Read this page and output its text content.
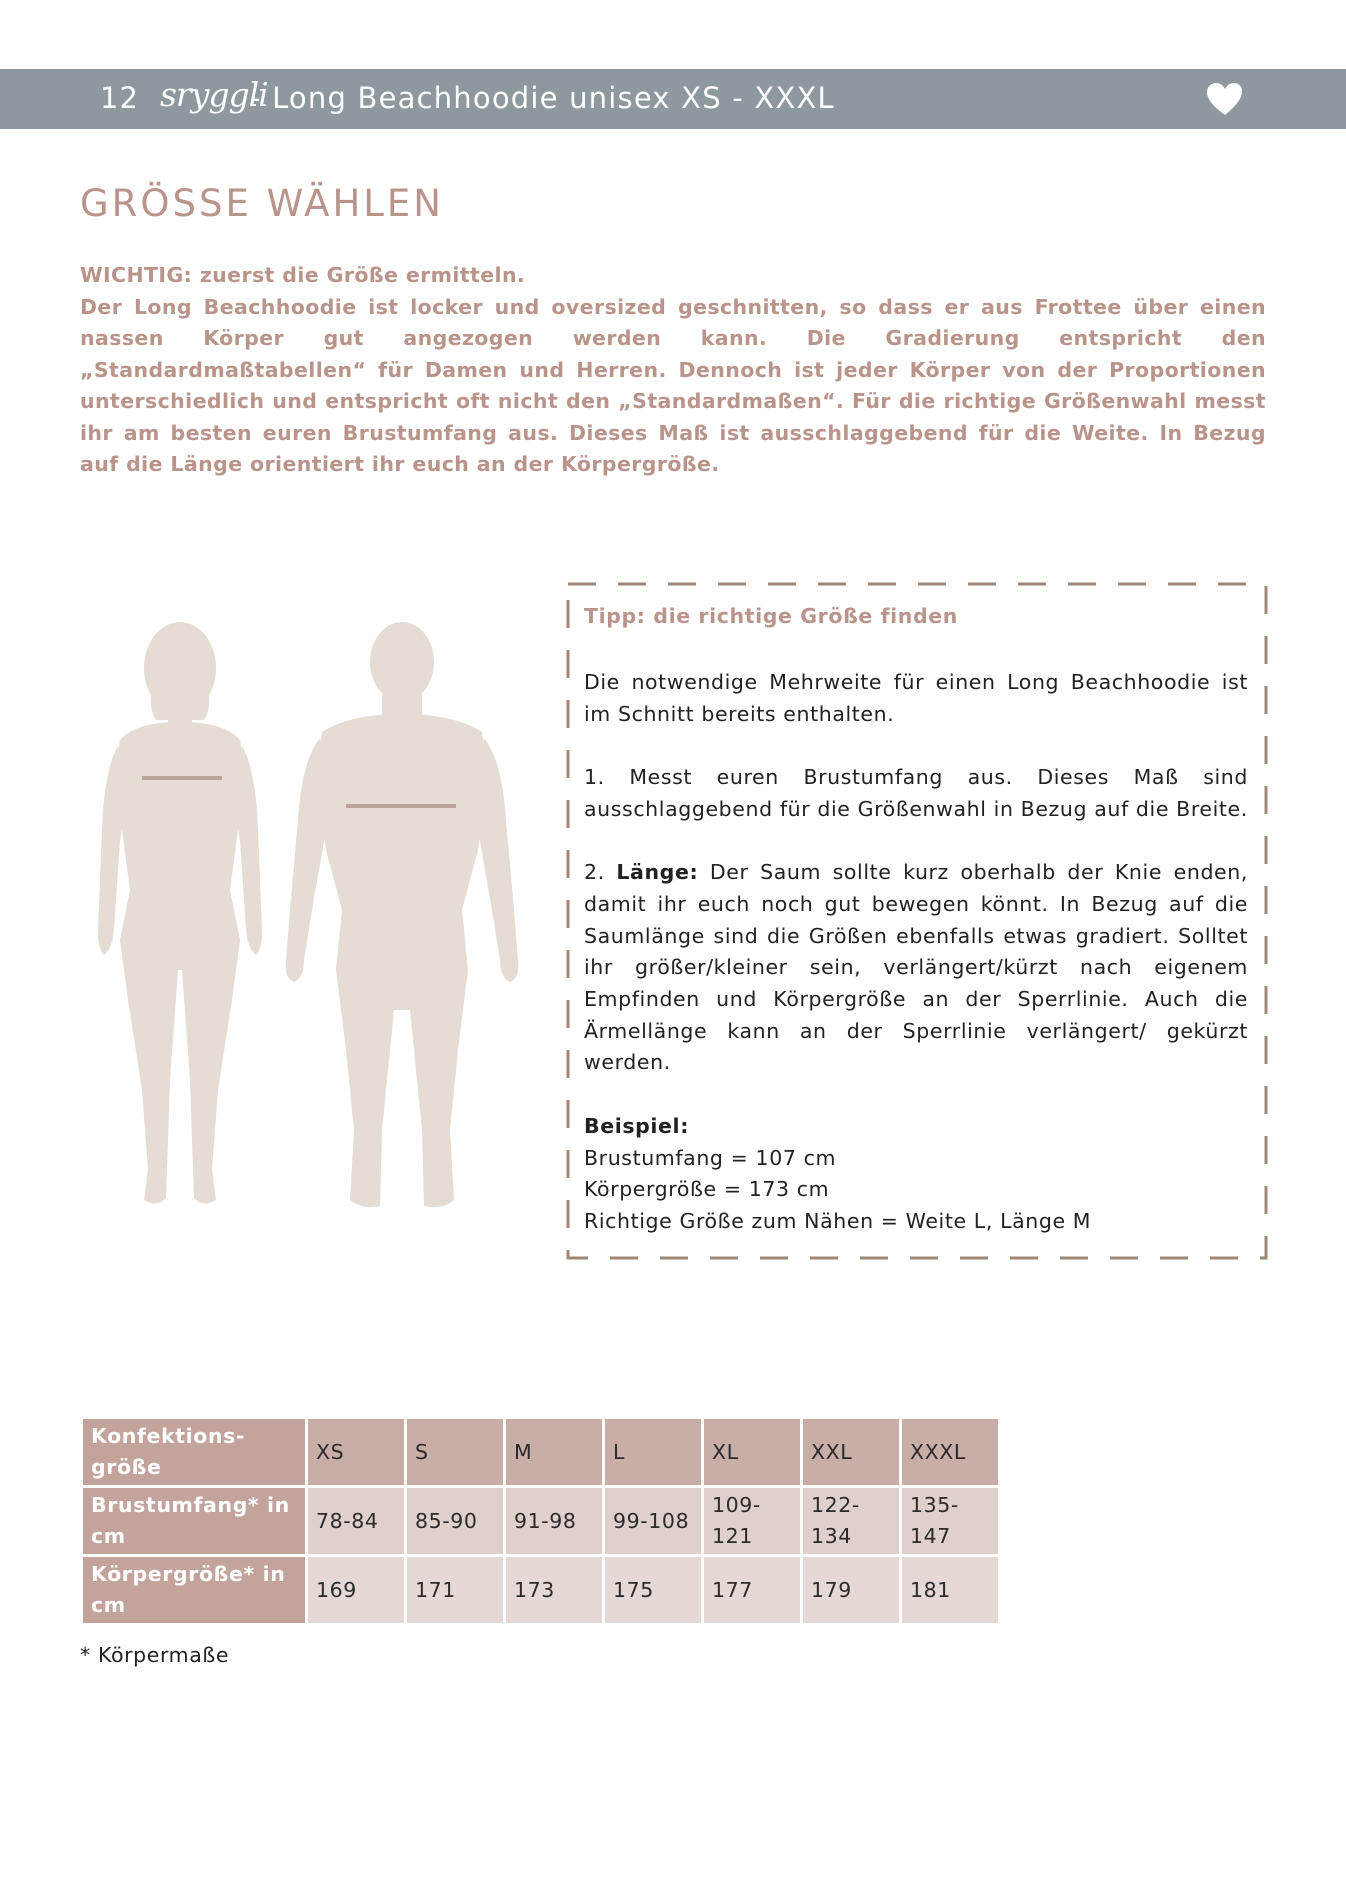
12 sryggli
- Long Beachhoodie unisex XS - XXXL
GRÖSSE WÄHLEN

WICHTIG: zuerst die Größe ermitteln.

Der Long Beachhoodie ist locker und oversized geschnitten, so dass er aus Frottee über einen nassen Körper gut angezogen werden kann. Die Gradierung entspricht den „Standardmaßtabellen“ für Damen und Herren. Dennoch ist jeder Körper von der Proportionen unterschiedlich und entspricht oft nicht den „Standardmaßen“. Für die richtige Größenwahl messt ihr am besten euren Brustumfang aus. Dieses Maß ist ausschlaggebend für die Weite. In Bezug auf die Länge orientiert ihr euch an der Körpergröße.

Tipp: die richtige Größe finden

Die notwendige Mehrweite für einen Long Beachhoodie ist im Schnitt bereits enthalten.

1. Messt euren Brustumfang aus. Dieses Maß sind ausschlaggebend für die Größenwahl in Bezug auf die Breite.

2. Länge: Der Saum sollte kurz oberhalb der Knie enden, damit ihr euch noch gut bewegen könnt. In Bezug auf die Saumlänge sind die Größen ebenfalls etwas gradiert. Solltet ihr größer/kleiner sein, verlängert/kürzt nach eigenem Empfinden und Körpergröße an der Sperrlinie. Auch die Ärmellänge kann an der Sperrlinie verlängert/ gekürzt werden.

Beispiel:
Brustumfang = 107 cm
Körpergröße = 173 cm
Richtige Größe zum Nähen = Weite L, Länge M

Konfektions- größe	XS	S	M	L	XL	XXL	XXXL
Brustumfang* in cm	78-84	85-90	91-98	99-108	109- 121	122- 134	135- 147
Körpergröße* in cm	169	171	173	175	177	179	181
* Körpermaße
